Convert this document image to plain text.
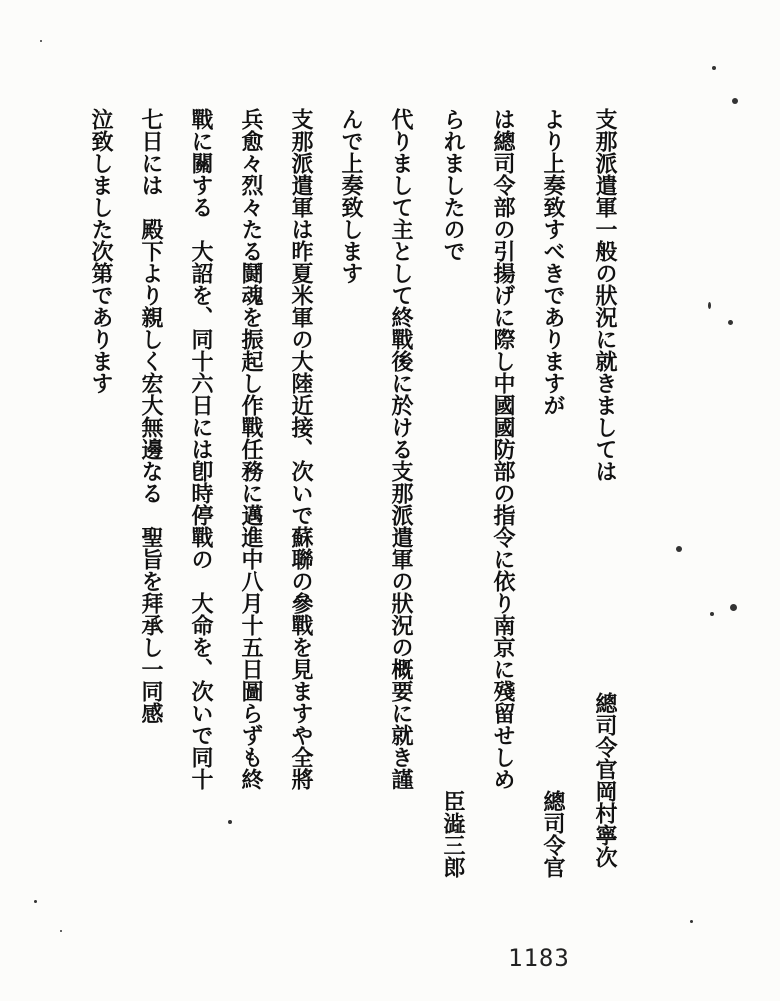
支那派遣軍一般の狀況に就きましては
より上奏致すべきでありますが
は總司令部の引揚げに際し中國國防部の指令に依り南京に殘留せしめ
られましたので
代りまして主として終戰後に於ける支那派遣軍の狀況の概要に就き謹
んで上奏致します
支那派遣軍は昨夏米軍の大陸近接、次いで蘇聯の參戰を見ますや全將
兵愈々烈々たる鬪魂を振起し作戰任務に邁進中八月十五日圖らずも終
戰に關する　大詔を、同十六日には卽時停戰の　大命を、次いで同十
七日には　殿下より親しく宏大無邊なる　聖旨を拜承し一同感
泣致しました次第であります
總司令官岡村寧次
總司令官
臣澁三郎
1183
